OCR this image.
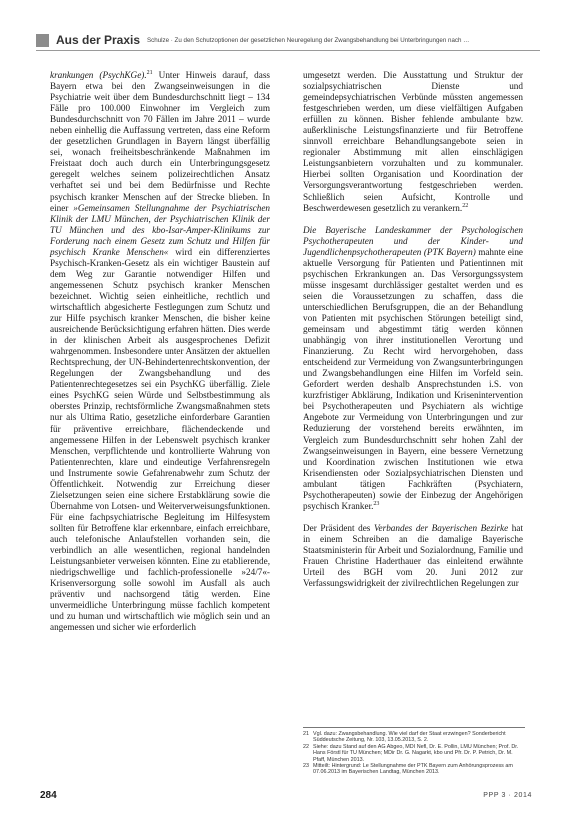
Aus der Praxis Schulze · Zu den Schutzoptionen der gesetzlichen Neuregelung der Zwangsbehandlung bei Unterbringungen nach …

krankungen (PsychKGe).$^{21}$ Unter Hinweis darauf, dass Bayern etwa bei den Zwangseinweisungen in die Psychiatrie weit über dem Bundesdurchschnitt liegt – 134 Fälle pro 100.000 Einwohner im Vergleich zum Bundesdurchschnitt von 70 Fällen im Jahre 2011 – wurde neben einhellig die Auffassung vertreten, dass eine Reform der gesetzlichen Grundlagen in Bayern längst überfällig sei, wonach freiheitsbeschränkende Maßnahmen im Freistaat doch auch durch ein Unterbringungsgesetz geregelt welches seinem polizeirechtlichen Ansatz verhaftet sei und bei dem Bedürfnisse und Rechte psychisch kranker Menschen auf der Strecke blieben. In einer »Gemeinsamen Stellungnahme der Psychiatrischen Klinik der LMU München, der Psychiatrischen Klinik der TU München und des kbo-Isar-Amper-Klinikums zur Forderung nach einem Gesetz zum Schutz und Hilfen für psychisch Kranke Menschen« wird ein differenziertes Psychisch-Kranken-Gesetz als ein wichtiger Baustein auf dem Weg zur Garantie notwendiger Hilfen und angemessenen Schutz psychisch kranker Menschen bezeichnet. Wichtig seien einheitliche, rechtlich und wirtschaftlich abgesicherte Festlegungen zum Schutz und zur Hilfe psychisch kranker Menschen, die bisher keine ausreichende Berücksichtigung erfahren hätten. Dies werde in der klinischen Arbeit als ausgesprochenes Defizit wahrgenommen. Insbesondere unter Ansätzen der aktuellen Rechtsprechung, der UN-Behindertenrechtskonvention, der Regelungen der Zwangsbehandlung und des Patientenrechtegesetzes sei ein PsychKG überfällig. Ziele eines PsychKG seien Würde und Selbstbestimmung als oberstes Prinzip, rechtsförmliche Zwangsmaßnahmen stets nur als Ultima Ratio, gesetzliche einforderbare Garantien für präventive erreichbare, flächendeckende und angemessene Hilfen in der Lebenswelt psychisch kranker Menschen, verpflichtende und kontrollierte Wahrung von Patientenrechten, klare und eindeutige Verfahrensregeln und Instrumente sowie Gefahrenabwehr zum Schutz der Öffentlichkeit. Notwendig zur Erreichung dieser Zielsetzungen seien eine sichere Erstabklärung sowie die Übernahme von Lotsen- und Weiterverweisungsfunktionen. Für eine fachpsychiatrische Begleitung im Hilfesystem sollten für Betroffene klar erkennbare, einfach erreichbare, auch telefonische Anlaufstellen vorhanden sein, die verbindlich an alle wesentlichen, regional handelnden Leistungsanbieter verweisen könnten. Eine zu etablierende, niedrigschwellige und fachlich-professionelle »24/7«-Krisenversorgung solle sowohl im Ausfall als auch präventiv und nachsorgend tätig werden. Eine unvermeidliche Unterbringung müsse fachlich kompetent und zu human und wirtschaftlich wie möglich sein und an angemessen und sicher wie erforderlich

umgesetzt werden. Die Ausstattung und Struktur der sozialpsychiatrischen Dienste und gemeindepsychiatrischen Verbünde müssten angemessen festgeschrieben werden, um diese vielfältigen Aufgaben erfüllen zu können. Bisher fehlende ambulante bzw. außerklinische Leistungsfinanzierte und für Betroffene sinnvoll erreichbare Behandlungsangebote seien in regionaler Abstimmung mit allen einschlägigen Leistungsanbietern vorzuhalten und zu kommunaler. Hierbei sollten Organisation und Koordination der Versorgungsverantwortung festgeschrieben werden. Schließlich seien Aufsicht, Kontrolle und Beschwerdewesen gesetzlich zu verankern.$^{22}$

Die Bayerische Landeskammer der Psychologischen Psychotherapeuten und der Kinder- und Jugendlichenpsychotherapeuten (PTK Bayern) mahnte eine aktuelle Versorgung für Patienten und Patientinnen mit psychischen Erkrankungen an. Das Versorgungssystem müsse insgesamt durchlässiger gestaltet werden und es seien die Voraussetzungen zu schaffen, dass die unterschiedlichen Berufsgruppen, die an der Behandlung von Patienten mit psychischen Störungen beteiligt sind, gemeinsam und abgestimmt tätig werden können unabhängig von ihrer institutionellen Verortung und Finanzierung. Zu Recht wird hervorgehoben, dass entscheidend zur Vermeidung von Zwangsunterbringungen und Zwangsbehandlungen eine Hilfen im Vorfeld sein. Gefordert werden deshalb Ansprechstunden i.S. von kurzfristiger Abklärung, Indikation und Krisenintervention bei Psychotherapeuten und Psychiatern als wichtige Angebote zur Vermeidung von Unterbringungen und zur Reduzierung der vorstehend bereits erwähnten, im Vergleich zum Bundesdurchschnitt sehr hohen Zahl der Zwangseinweisungen in Bayern, eine bessere Vernetzung und Koordination zwischen Institutionen wie etwa Krisendiensten oder Sozialpsychiatrischen Diensten und ambulant tätigen Fachkräften (Psychiatern, Psychotherapeuten) sowie der Einbezug der Angehörigen psychisch Kranker.$^{23}$

Der Präsident des Verbandes der Bayerischen Bezirke hat in einem Schreiben an die damalige Bayerische Staatsministerin für Arbeit und Sozialordnung, Familie und Frauen Christine Haderthauer das einleitend erwähnte Urteil des BGH vom 20. Juni 2012 zur Verfassungswidrigkeit der zivilrechtlichen Regelungen zur

21 Vgl. dazu: Zwangsbehandlung. Wie viel darf der Staat erzwingen? Sonderbericht Süddeutsche Zeitung, Nr. 103, 13.05.2013, S. 2.
22 Siehe: dazu Stand auf den AG Abgeo, MDI Nefl, Dr. E. Pollin, LMU München; Prof. Dr. Hans Förstl für TU München; MDir Dr. G. Nagarkt, kbo und Pfr. Dr. P. Petrich, Dr. M. Pfaff, München 2013.
23 Mitteilt: Hintergrund: Le Stellungnahme der PTK Bayern zum Anhörungsprozess am 07.06.2013 im Bayerischen Landtag, München 2013.
284	PPP 3 · 2014
